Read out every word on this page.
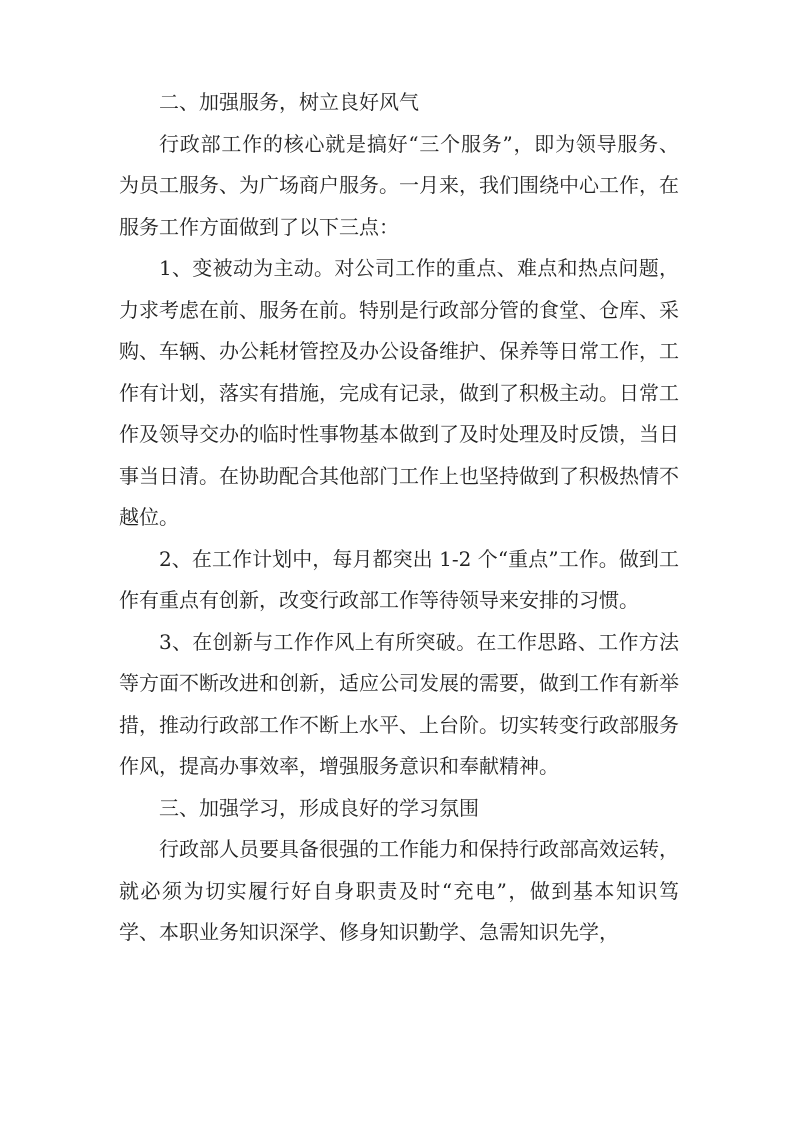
二、加强服务，树立良好风气

行政部工作的核心就是搞好“三个服务”，即为领导服务、为员工服务、为广场商户服务。一月来，我们围绕中心工作，在服务工作方面做到了以下三点：

1、变被动为主动。对公司工作的重点、难点和热点问题，力求考虑在前、服务在前。特别是行政部分管的食堂、仓库、采购、车辆、办公耗材管控及办公设备维护、保养等日常工作，工作有计划，落实有措施，完成有记录，做到了积极主动。日常工作及领导交办的临时性事物基本做到了及时处理及时反馈，当日事当日清。在协助配合其他部门工作上也坚持做到了积极热情不越位。

2、在工作计划中，每月都突出 1-2 个“重点”工作。做到工作有重点有创新，改变行政部工作等待领导来安排的习惯。

3、在创新与工作作风上有所突破。在工作思路、工作方法等方面不断改进和创新，适应公司发展的需要，做到工作有新举措，推动行政部工作不断上水平、上台阶。切实转变行政部服务作风，提高办事效率，增强服务意识和奉献精神。

三、加强学习，形成良好的学习氛围

行政部人员要具备很强的工作能力和保持行政部高效运转，就必须为切实履行好自身职责及时“充电”，做到基本知识笃学、本职业务知识深学、修身知识勤学、急需知识先学，
